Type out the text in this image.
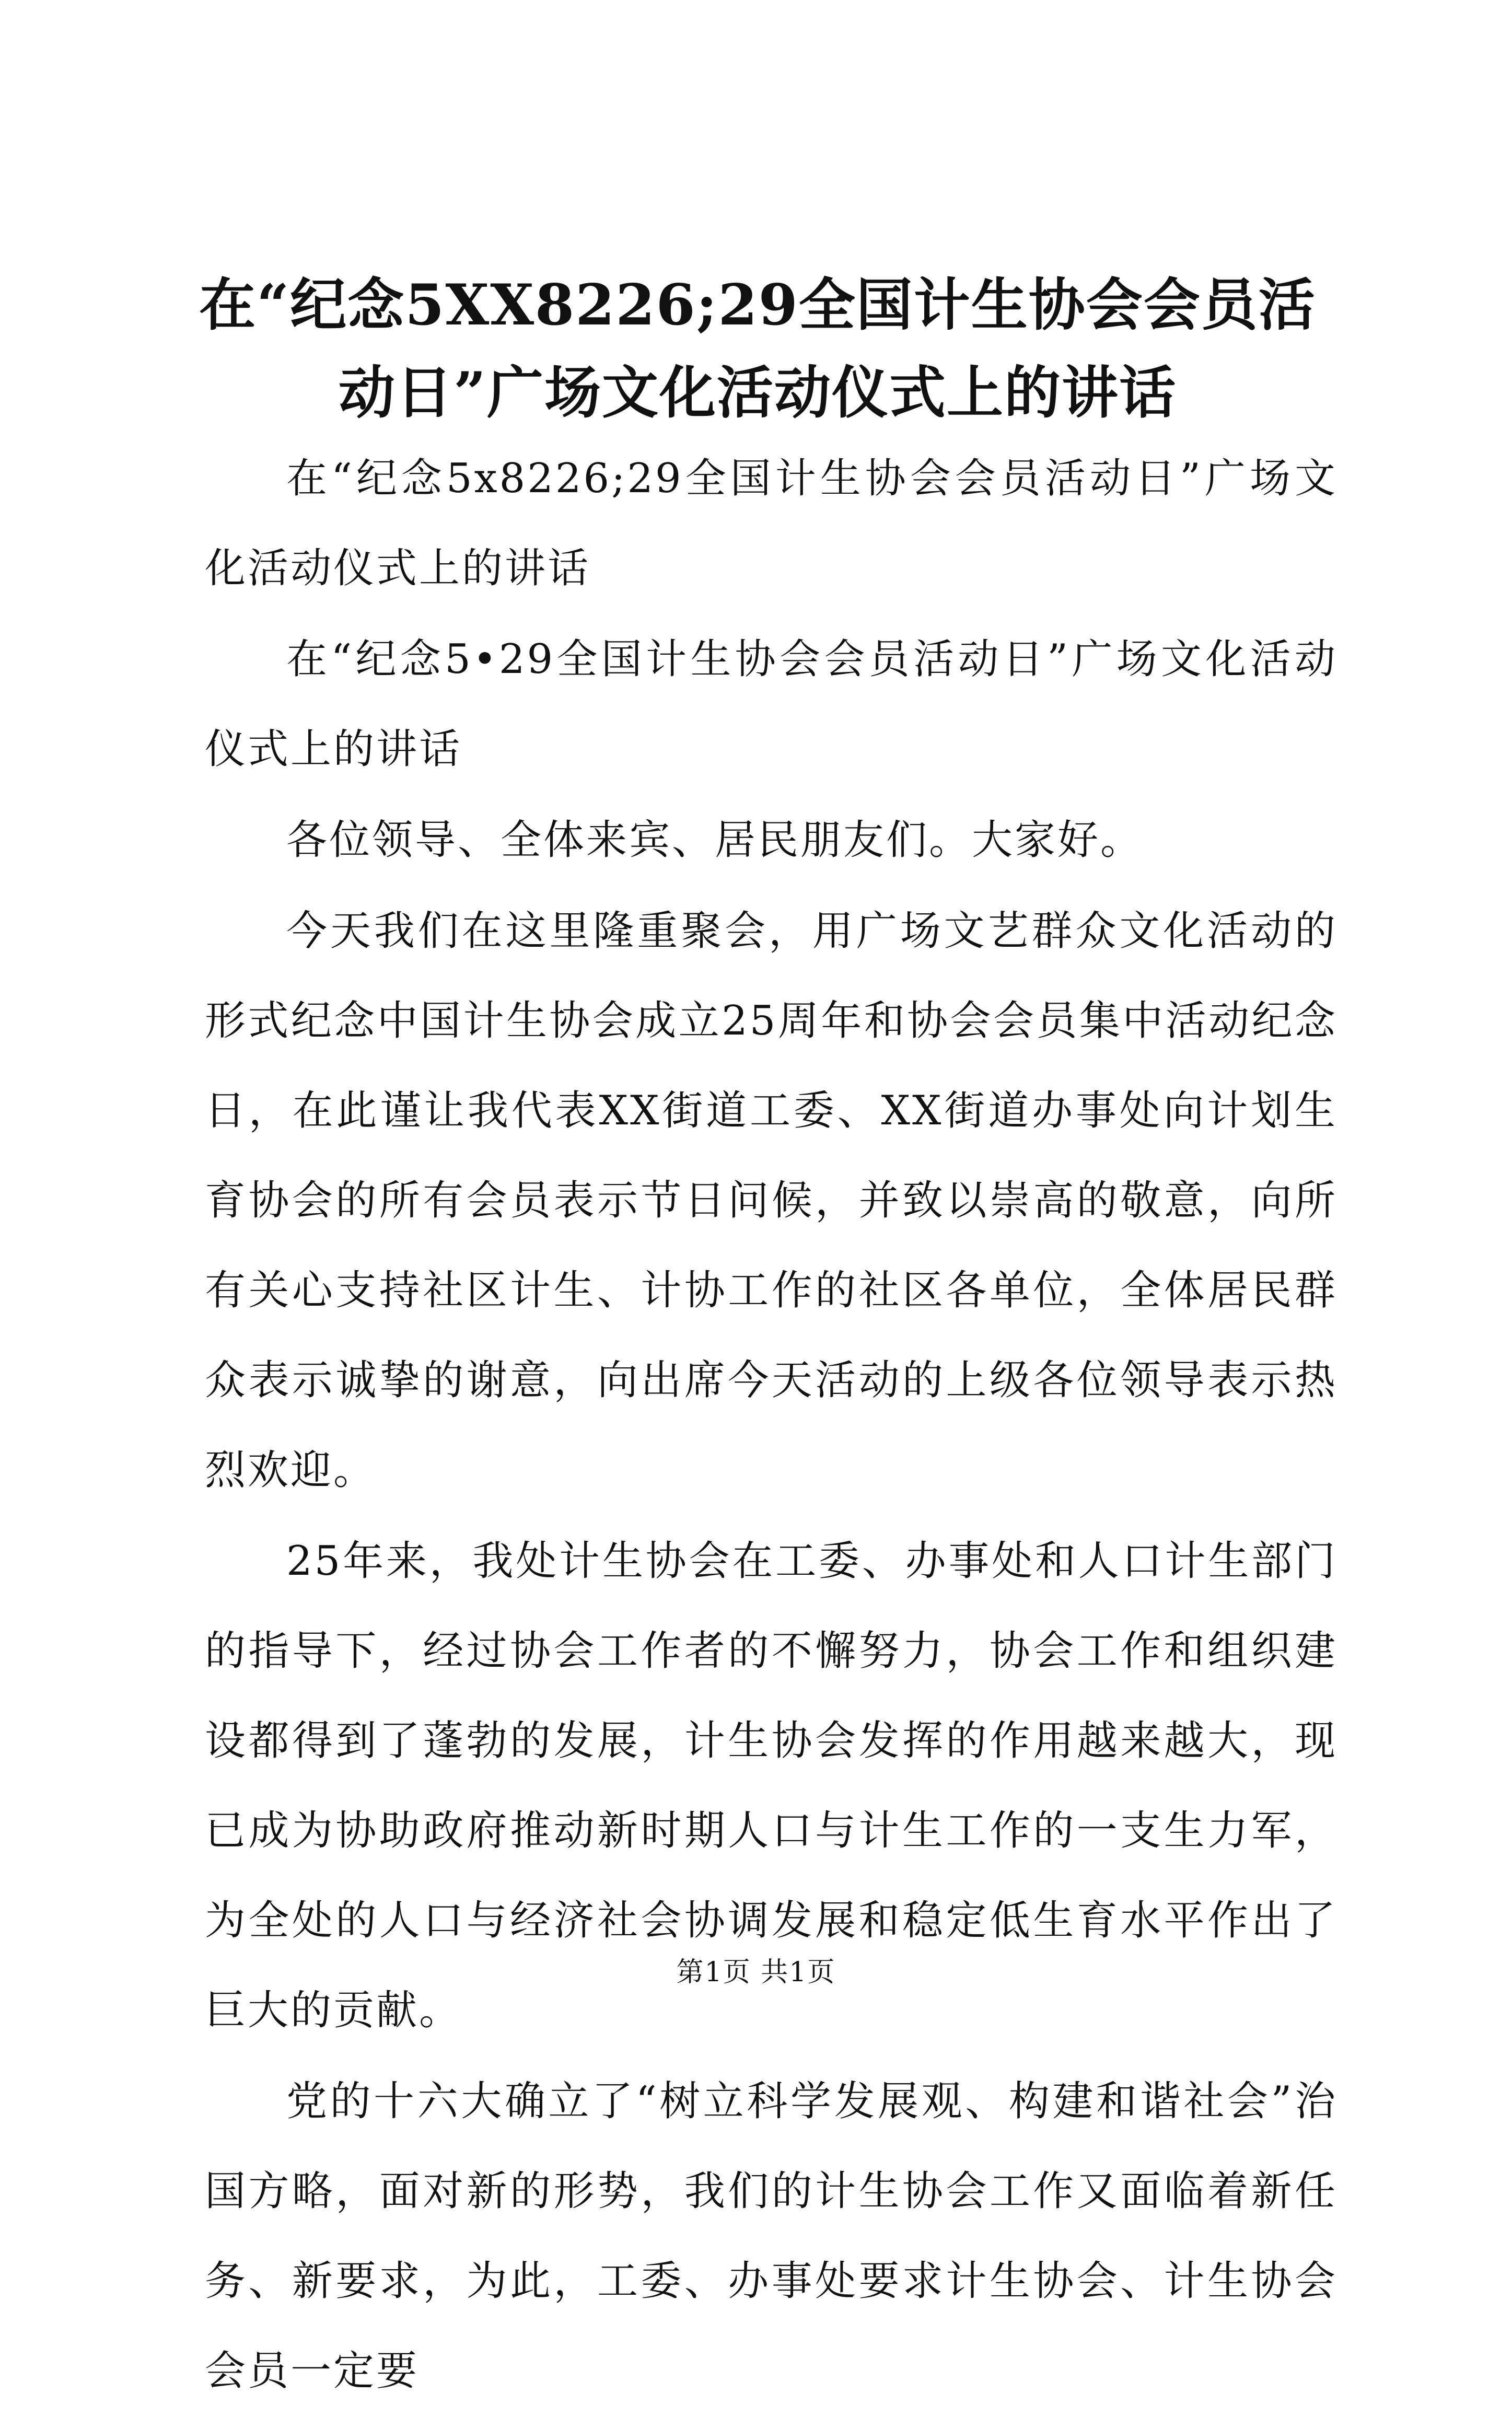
在“纪念5XX8226;29全国计生协会会员活动日”广场文化活动仪式上的讲话

在“纪念5x8226;29全国计生协会会员活动日”广场文化活动仪式上的讲话

在“纪念5•29全国计生协会会员活动日”广场文化活动仪式上的讲话

各位领导、全体来宾、居民朋友们。大家好。

今天我们在这里隆重聚会，用广场文艺群众文化活动的形式纪念中国计生协会成立25周年和协会会员集中活动纪念日，在此谨让我代表XX街道工委、XX街道办事处向计划生育协会的所有会员表示节日问候，并致以崇高的敬意，向所有关心支持社区计生、计协工作的社区各单位，全体居民群众表示诚挚的谢意，向出席今天活动的上级各位领导表示热烈欢迎。

25年来，我处计生协会在工委、办事处和人口计生部门的指导下，经过协会工作者的不懈努力，协会工作和组织建设都得到了蓬勃的发展，计生协会发挥的作用越来越大，现已成为协助政府推动新时期人口与计生工作的一支生力军，为全处的人口与经济社会协调发展和稳定低生育水平作出了巨大的贡献。

党的十六大确立了“树立科学发展观、构建和谐社会”治国方略，面对新的形势，我们的计生协会工作又面临着新任务、新要求，为此，工委、办事处要求计生协会、计生协会会员一定要

第1页 共1页
